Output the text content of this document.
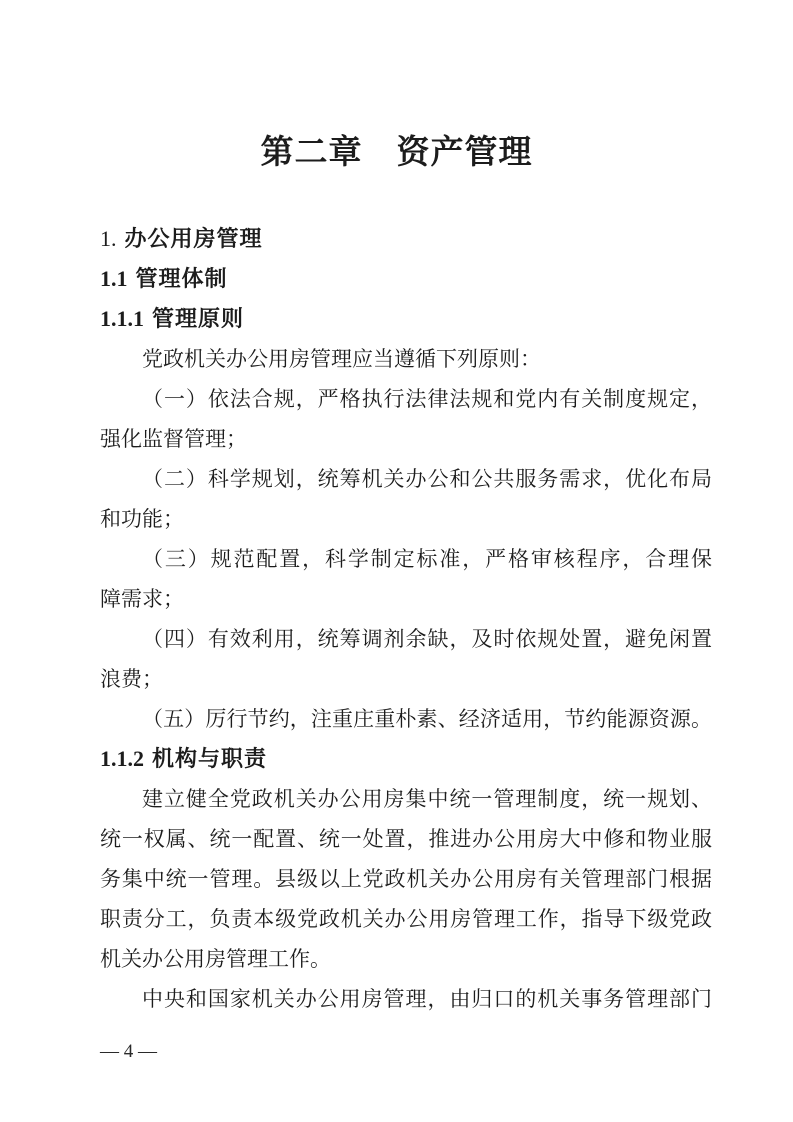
第二章　资产管理
1. 办公用房管理
1.1 管理体制
1.1.1 管理原则
党政机关办公用房管理应当遵循下列原则：
（一）依法合规，严格执行法律法规和党内有关制度规定，
强化监督管理；
（二）科学规划，统筹机关办公和公共服务需求，优化布局
和功能；
（三）规范配置，科学制定标准，严格审核程序，合理保
障需求；
（四）有效利用，统筹调剂余缺，及时依规处置，避免闲置
浪费；
（五）厉行节约，注重庄重朴素、经济适用，节约能源资源。
1.1.2 机构与职责
建立健全党政机关办公用房集中统一管理制度，统一规划、
统一权属、统一配置、统一处置，推进办公用房大中修和物业服
务集中统一管理。县级以上党政机关办公用房有关管理部门根据
职责分工，负责本级党政机关办公用房管理工作，指导下级党政
机关办公用房管理工作。
中央和国家机关办公用房管理，由归口的机关事务管理部门
— 4 —
